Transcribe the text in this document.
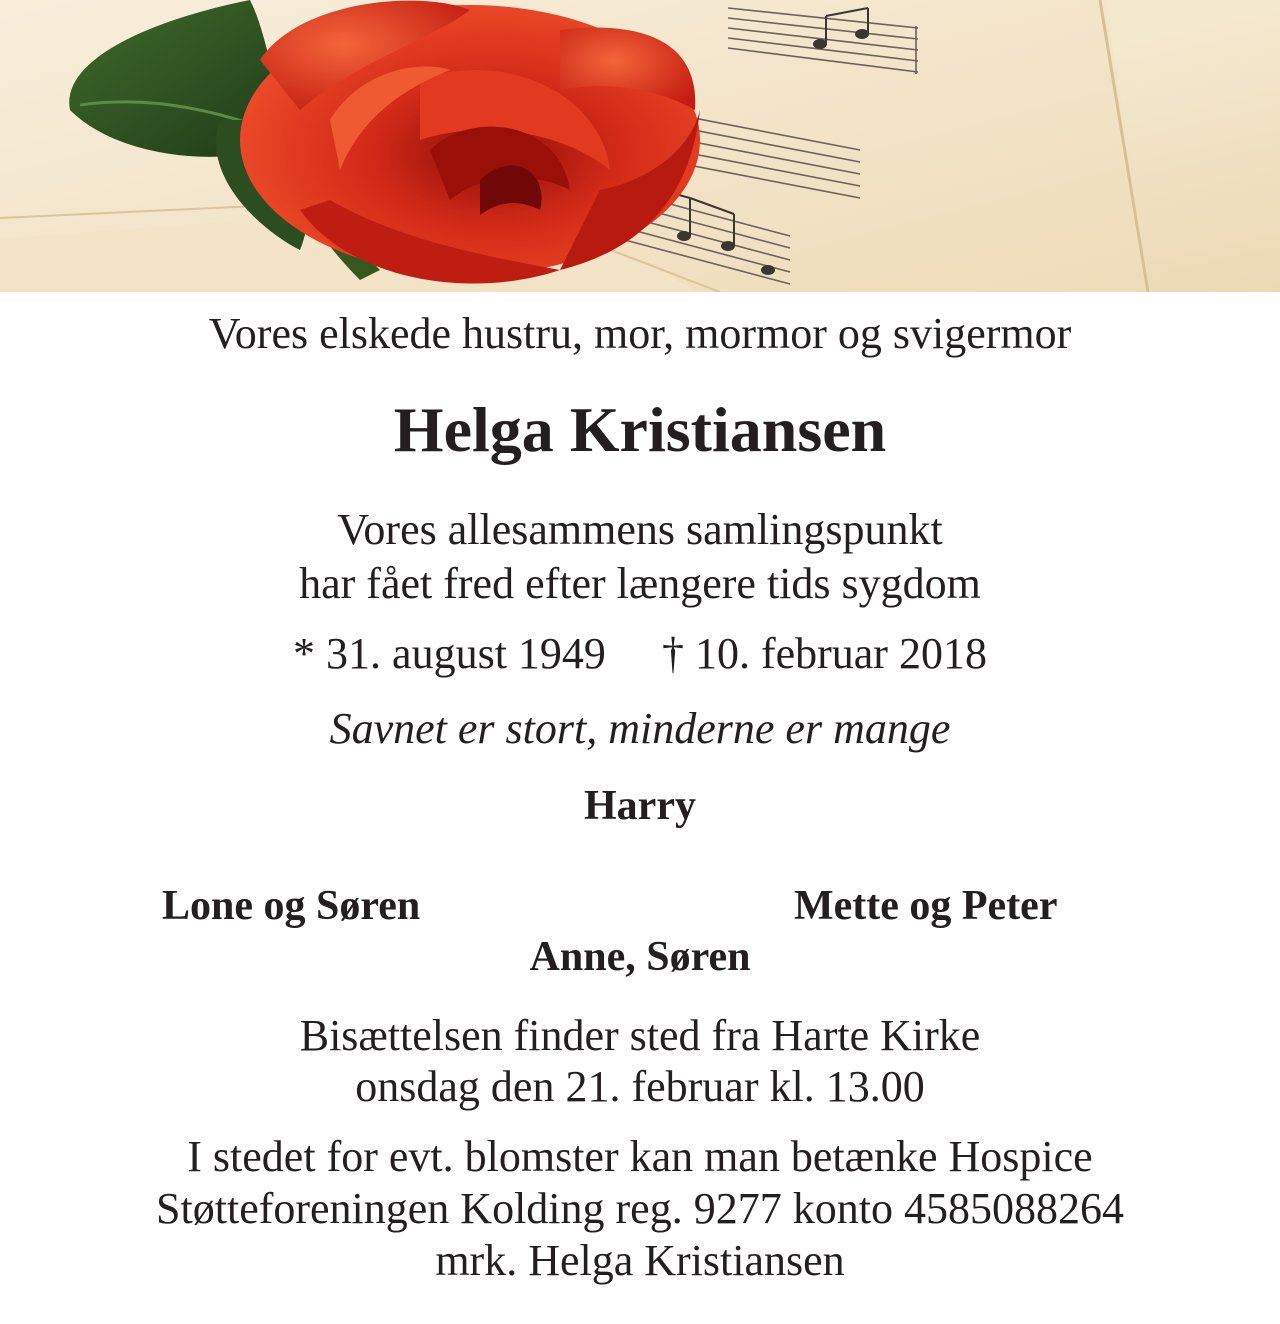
Vores elskede hustru, mor, mormor og svigermor
Helga Kristiansen
Vores allesammens samlingspunkt
har fået fred efter længere tids sygdom
* 31. august 1949 † 10. februar 2018
Savnet er stort, minderne er mange
Harry
Lone og Søren	Mette og Peter
Anne, Søren
Bisættelsen finder sted fra Harte Kirke
onsdag den 21. februar kl. 13.00
I stedet for evt. blomster kan man betænke Hospice
Støtteforeningen Kolding reg. 9277 konto 4585088264
mrk. Helga Kristiansen
